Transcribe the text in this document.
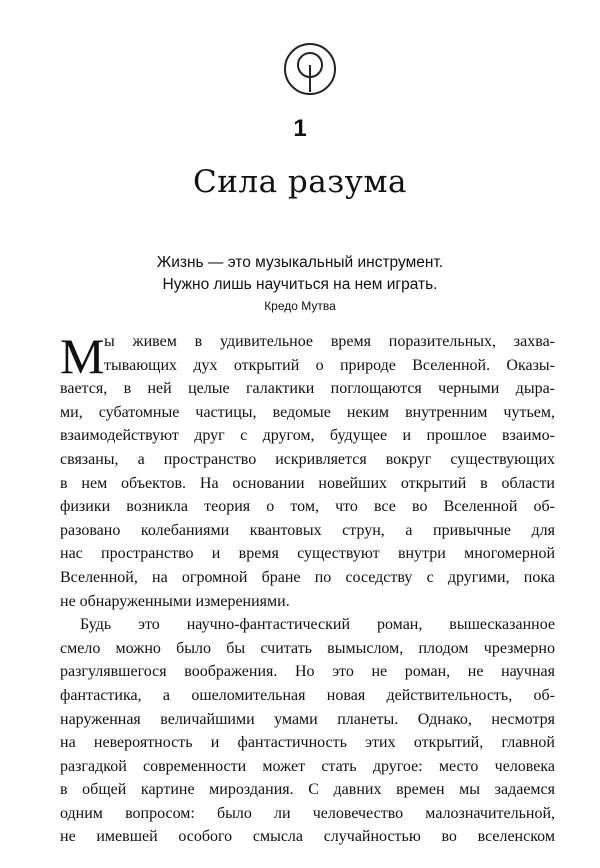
1
Сила разума
Жизнь — это музыкальный инструмент.
Нужно лишь научиться на нем играть.
Кредо Мутва
М ы живем в удивительное время поразительных, захва-
тывающих дух открытий о природе Вселенной. Оказы-
вается, в ней целые галактики поглощаются черными дыра-
ми, субатомные частицы, ведомые неким внутренним чутьем,
взаимодействуют друг с другом, будущее и прошлое взаимо-
связаны, а пространство искривляется вокруг существующих
в нем объектов. На основании новейших открытий в области
физики возникла теория о том, что все во Вселенной об-
разовано колебаниями квантовых струн, а привычные для
нас пространство и время существуют внутри многомерной
Вселенной, на огромной бране по соседству с другими, пока
не обнаруженными измерениями.
Будь это научно-фантастический роман, вышесказанное
смело можно было бы считать вымыслом, плодом чрезмерно
разгулявшегося воображения. Но это не роман, не научная
фантастика, а ошеломительная новая действительность, об-
наруженная величайшими умами планеты. Однако, несмотря
на невероятность и фантастичность этих открытий, главной
разгадкой современности может стать другое: место человека
в общей картине мироздания. С давних времен мы задаемся
одним вопросом: было ли человечество малозначительной,
не имевшей особого смысла случайностью во вселенском
